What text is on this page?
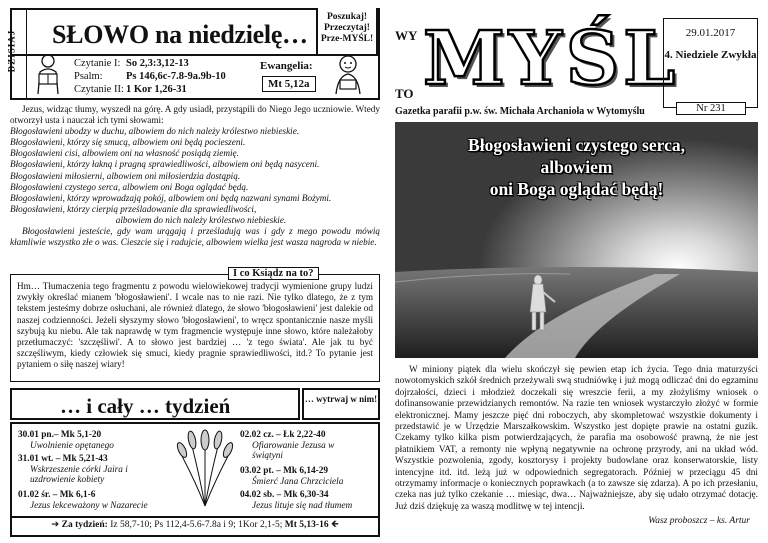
SŁOWO na niedzielę…
Poszukaj!
Przeczytaj!
Prze-MYŚL!
DZISIAJ	Czytanie I: So 2,3:3,12-13
Psalm: Ps 146,6c-7.8-9a.9b-10
Czytanie II: 1 Kor 1,26-31
Ewangelia:
Mt 5,12a

Jezus, widząc tłumy, wyszedł na górę. A gdy usiadł, przystąpili do Niego Jego uczniowie. Wtedy otworzył usta i nauczał ich tymi słowami:

Błogosławieni ubodzy w duchu, albowiem do nich należy królestwo niebieskie.

Błogosławieni, którzy się smucą, albowiem oni będą pocieszeni.

Błogosławieni cisi, albowiem oni na własność posiądą ziemię.

Błogosławieni, którzy łakną i pragną sprawiedliwości, albowiem oni będą nasyceni.

Błogosławieni miłosierni, albowiem oni miłosierdzia dostąpią.

Błogosławieni czystego serca, albowiem oni Boga oglądać będą.

Błogosławieni, którzy wprowadzają pokój, albowiem oni będą nazwani synami Bożymi.

Błogosławieni, którzy cierpią prześladowanie dla sprawiedliwości,

albowiem do nich należy królestwo niebieskie.

Błogosławieni jesteście, gdy wam urągają i prześladują was i gdy z mego powodu mówią kłamliwie wszystko złe o was. Cieszcie się i radujcie, albowiem wielka jest wasza nagroda w niebie.

I co Ksiądz na to?
Hm… Tłumaczenia tego fragmentu z powodu wielowiekowej tradycji wymienione grupy ludzi zwykły określać mianem 'błogosławieni'. I wcale nas to nie razi. Nie tylko dlatego, że z tym tekstem jesteśmy dobrze osłuchani, ale również dlatego, że słowo 'błogosławieni' jest dalekie od naszej codzienności. Jeżeli słyszymy słowo 'błogosławieni', to wręcz spontanicznie nasze myśli szybują ku niebu. Ale tak naprawdę w tym fragmencie występuje inne słowo, które należałoby przetłumaczyć: 'szczęśliwi'. A to słowo jest bardziej … 'z tego świata'. Ale jak tu być szczęśliwym, kiedy człowiek się smuci, kiedy pragnie sprawiedliwości, itd.? To pytanie jest pytaniem o siłę naszej wiary!
… i cały … tydzień	… wytrwaj w nim!
30.01 pn.– Mk 5,1-20
Uwolnienie opętanego
31.01 wt. – Mk 5,21-43
Wskrzeszenie córki Jaira i uzdrowienie kobiety
01.02 śr. – Mk 6,1-6
Jezus lekceważony w Nazarecie
02.02 cz. – Łk 2,22-40
Ofiarowanie Jezusa w świątyni
03.02 pt. – Mk 6,14-29
Śmierć Jana Chrzciciela
04.02 sb. – Mk 6,30-34
Jezus lituje się nad tłumem
➔ Za tydzień: Iz 58,7-10; Ps 112,4-5.6-7.8a i 9; 1Kor 2,1-5; Mt 5,13-16 🡸
WY MYŚL
TO
29.01.2017
4. Niedziele Zwykła
Nr 231
Gazetka parafii p.w. św. Michała Archanioła w Wytomyślu
Błogosławieni czystego serca,
albowiem
oni Boga oglądać będą!
W miniony piątek dla wielu skończył się pewien etap ich życia. Tego dnia maturzyści nowotomyskich szkół średnich przeżywali swą studniówkę i już mogą odliczać dni do egzaminu dojrzałości, dzieci i młodzież doczekali się wreszcie ferii, a my złożyliśmy wniosek o dofinansowanie przewidzianych remontów. Na razie ten wniosek wystarczyło złożyć w formie elektronicznej. Mamy jeszcze pięć dni roboczych, aby skompletować wszystkie dokumenty i przedstawić je w Urzędzie Marszałkowskim. Wszystko jest dopięte prawie na ostatni guzik. Czekamy tylko kilka pism potwierdzających, że parafia ma osobowość prawną, że nie jest płatnikiem VAT, a remonty nie wpłyną negatywnie na ochronę przyrody, ani na układ wód. Wszystkie pozwolenia, zgody, kosztorysy i projekty budowlane oraz konserwatorskie, listy intencyjne itd. itd. leżą już w odpowiednich segregatorach. Później w przeciągu 45 dni otrzymamy informacje o koniecznych poprawkach (a to zawsze się zdarza). A po ich przesłaniu, czeka nas już tylko czekanie … miesiąc, dwa… Najważniejsze, aby się udało otrzymać dotację. Już dziś dziękuję za waszą modlitwę w tej intencji.
Wasz proboszcz – ks. Artur
